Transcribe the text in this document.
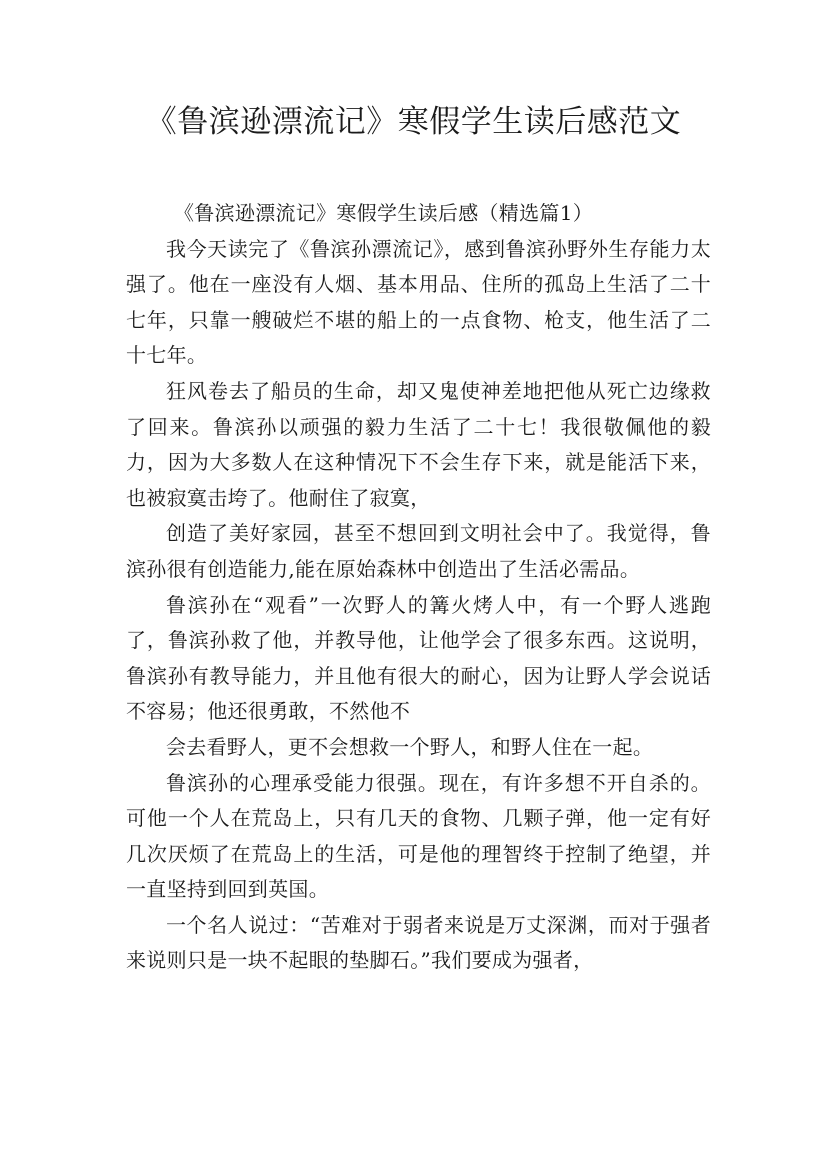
《鲁滨逊漂流记》寒假学生读后感范文

《鲁滨逊漂流记》寒假学生读后感（精选篇1）

我今天读完了《鲁滨孙漂流记》，感到鲁滨孙野外生存能力太强了。他在一座没有人烟、基本用品、住所的孤岛上生活了二十七年，只靠一艘破烂不堪的船上的一点食物、枪支，他生活了二十七年。

狂风卷去了船员的生命，却又鬼使神差地把他从死亡边缘救了回来。鲁滨孙以顽强的毅力生活了二十七！我很敬佩他的毅力，因为大多数人在这种情况下不会生存下来，就是能活下来，也被寂寞击垮了。他耐住了寂寞，

创造了美好家园，甚至不想回到文明社会中了。我觉得，鲁滨孙很有创造能力,能在原始森林中创造出了生活必需品。

鲁滨孙在“观看”一次野人的篝火烤人中，有一个野人逃跑了，鲁滨孙救了他，并教导他，让他学会了很多东西。这说明，鲁滨孙有教导能力，并且他有很大的耐心，因为让野人学会说话不容易；他还很勇敢，不然他不

会去看野人，更不会想救一个野人，和野人住在一起。

鲁滨孙的心理承受能力很强。现在，有许多想不开自杀的。可他一个人在荒岛上，只有几天的食物、几颗子弹，他一定有好几次厌烦了在荒岛上的生活，可是他的理智终于控制了绝望，并一直坚持到回到英国。

一个名人说过：“苦难对于弱者来说是万丈深渊，而对于强者来说则只是一块不起眼的垫脚石。”我们要成为强者，
